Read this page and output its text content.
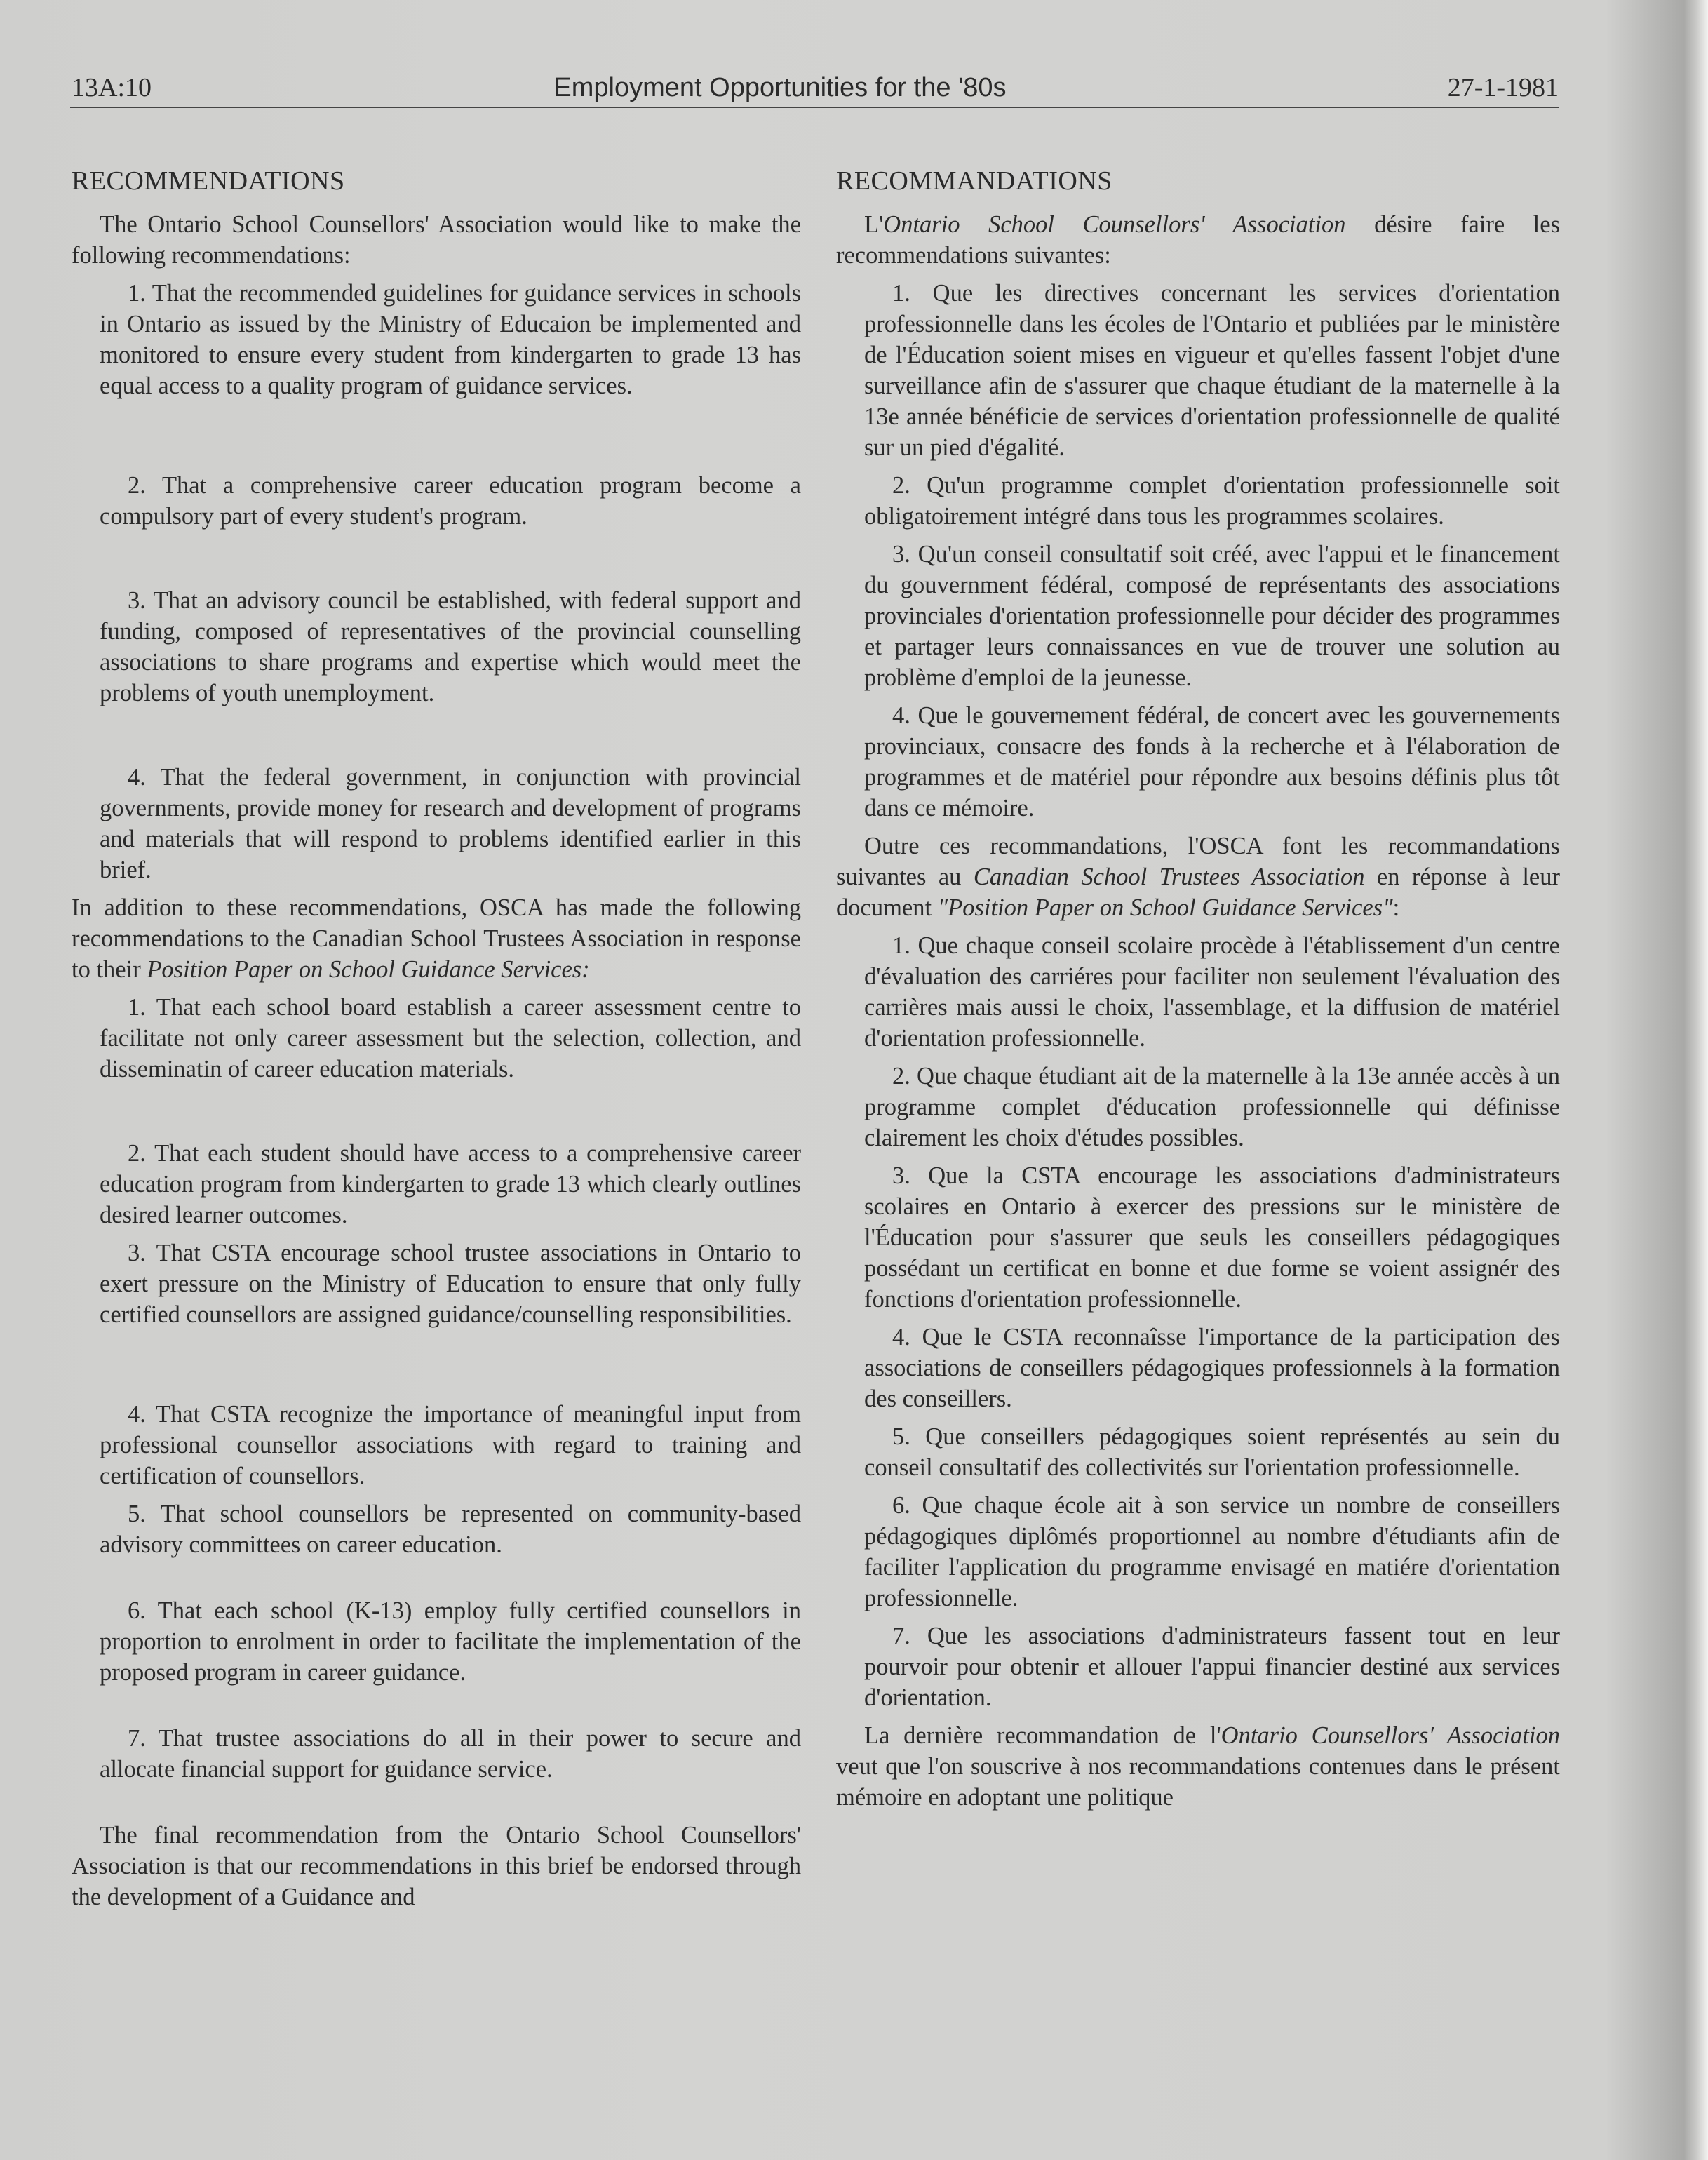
13A:10	Employment Opportunities for the '80s	27-1-1981
RECOMMENDATIONS

The Ontario School Counsellors' Association would like to make the following recommendations:

1. That the recommended guidelines for guidance services in schools in Ontario as issued by the Ministry of Educaion be implemented and monitored to ensure every student from kindergarten to grade 13 has equal access to a quality program of guidance services.

2. That a comprehensive career education program become a compulsory part of every student's program.

3. That an advisory council be established, with federal support and funding, composed of representatives of the provincial counselling associations to share programs and expertise which would meet the problems of youth unemployment.

4. That the federal government, in conjunction with provincial governments, provide money for research and development of programs and materials that will respond to problems identified earlier in this brief.

In addition to these recommendations, OSCA has made the following recommendations to the Canadian School Trustees Association in response to their Position Paper on School Guidance Services:

1. That each school board establish a career assessment centre to facilitate not only career assessment but the selection, collection, and disseminatin of career education materials.

2. That each student should have access to a comprehensive career education program from kindergarten to grade 13 which clearly outlines desired learner outcomes.

3. That CSTA encourage school trustee associations in Ontario to exert pressure on the Ministry of Education to ensure that only fully certified counsellors are assigned guidance/counselling responsibilities.

4. That CSTA recognize the importance of meaningful input from professional counsellor associations with regard to training and certification of counsellors.

5. That school counsellors be represented on community-based advisory committees on career education.

6. That each school (K-13) employ fully certified counsellors in proportion to enrolment in order to facilitate the implementation of the proposed program in career guidance.

7. That trustee associations do all in their power to secure and allocate financial support for guidance service.

The final recommendation from the Ontario School Counsellors' Association is that our recommendations in this brief be endorsed through the development of a Guidance and

RECOMMANDATIONS

L'Ontario School Counsellors' Association désire faire les recommendations suivantes:

1. Que les directives concernant les services d'orientation professionnelle dans les écoles de l'Ontario et publiées par le ministère de l'Éducation soient mises en vigueur et qu'elles fassent l'objet d'une surveillance afin de s'assurer que chaque étudiant de la maternelle à la 13e année bénéficie de services d'orientation professionnelle de qualité sur un pied d'égalité.

2. Qu'un programme complet d'orientation professionnelle soit obligatoirement intégré dans tous les programmes scolaires.

3. Qu'un conseil consultatif soit créé, avec l'appui et le financement du gouvernment fédéral, composé de représentants des associations provinciales d'orientation professionnelle pour décider des programmes et partager leurs connaissances en vue de trouver une solution au problème d'emploi de la jeunesse.

4. Que le gouvernement fédéral, de concert avec les gouvernements provinciaux, consacre des fonds à la recherche et à l'élaboration de programmes et de matériel pour répondre aux besoins définis plus tôt dans ce mémoire.

Outre ces recommandations, l'OSCA font les recommandations suivantes au Canadian School Trustees Association en réponse à leur document "Position Paper on School Guidance Services":

1. Que chaque conseil scolaire procède à l'établissement d'un centre d'évaluation des carriéres pour faciliter non seulement l'évaluation des carrières mais aussi le choix, l'assemblage, et la diffusion de matériel d'orientation professionnelle.

2. Que chaque étudiant ait de la maternelle à la 13e année accès à un programme complet d'éducation professionnelle qui définisse clairement les choix d'études possibles.

3. Que la CSTA encourage les associations d'administrateurs scolaires en Ontario à exercer des pressions sur le ministère de l'Éducation pour s'assurer que seuls les conseillers pédagogiques possédant un certificat en bonne et due forme se voient assignér des fonctions d'orientation professionnelle.

4. Que le CSTA reconnaîsse l'importance de la participation des associations de conseillers pédagogiques professionnels à la formation des conseillers.

5. Que conseillers pédagogiques soient représentés au sein du conseil consultatif des collectivités sur l'orientation professionnelle.

6. Que chaque école ait à son service un nombre de conseillers pédagogiques diplômés proportionnel au nombre d'étudiants afin de faciliter l'application du programme envisagé en matiére d'orientation professionnelle.

7. Que les associations d'administrateurs fassent tout en leur pourvoir pour obtenir et allouer l'appui financier destiné aux services d'orientation.

La dernière recommandation de l'Ontario Counsellors' Association veut que l'on souscrive à nos recommandations contenues dans le présent mémoire en adoptant une politique
